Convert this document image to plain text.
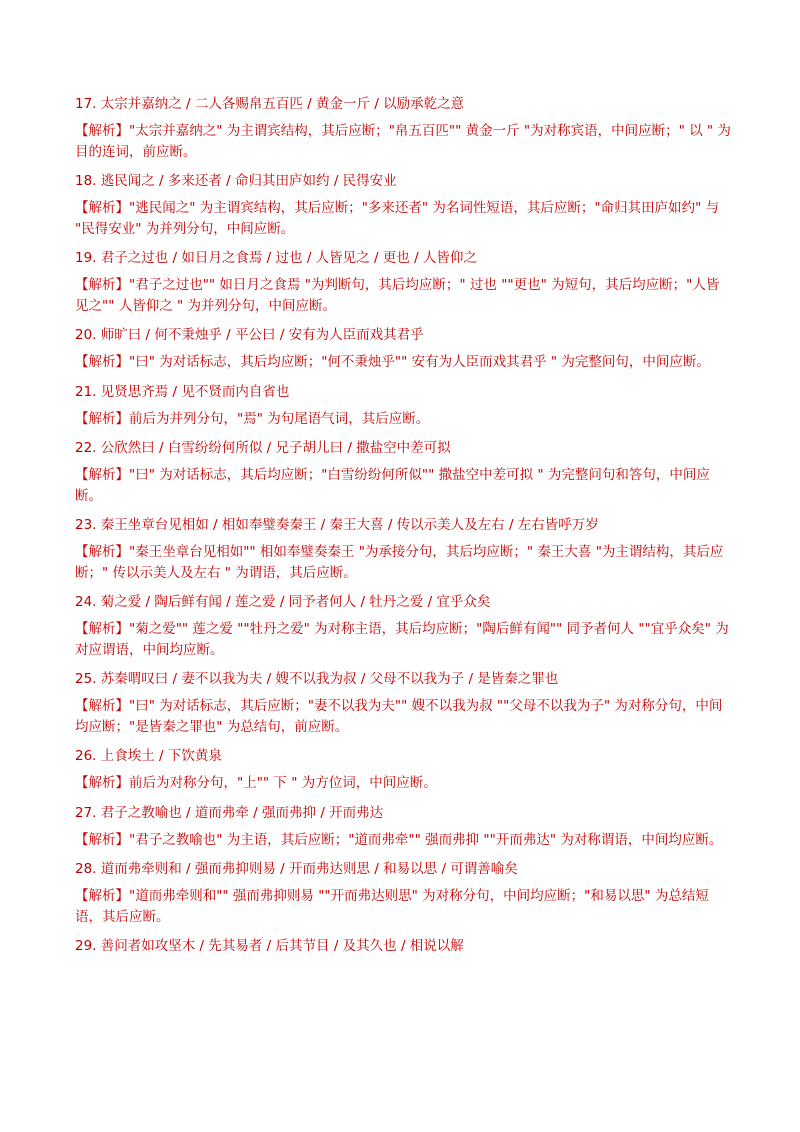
17. 太宗并嘉纳之 / 二人各赐帛五百匹 / 黄金一斤 / 以励承乾之意

【解析】"太宗并嘉纳之" 为主谓宾结构，其后应断；"帛五百匹"" 黄金一斤 "为对称宾语，中间应断；" 以 " 为目的连词，前应断。

18. 逃民闻之 / 多来还者 / 命归其田庐如约 / 民得安业

【解析】"逃民闻之" 为主谓宾结构，其后应断；"多来还者" 为名词性短语，其后应断；"命归其田庐如约" 与 "民得安业" 为并列分句，中间应断。

19. 君子之过也 / 如日月之食焉 / 过也 / 人皆见之 / 更也 / 人皆仰之

【解析】"君子之过也"" 如日月之食焉 "为判断句，其后均应断；" 过也 ""更也" 为短句，其后均应断；"人皆见之"" 人皆仰之 " 为并列分句，中间应断。

20. 师旷曰 / 何不秉烛乎 / 平公曰 / 安有为人臣而戏其君乎

【解析】"曰" 为对话标志，其后均应断；"何不秉烛乎"" 安有为人臣而戏其君乎 " 为完整问句，中间应断。

21. 见贤思齐焉 / 见不贤而内自省也

【解析】前后为并列分句，"焉" 为句尾语气词，其后应断。

22. 公欣然曰 / 白雪纷纷何所似 / 兄子胡儿曰 / 撒盐空中差可拟

【解析】"曰" 为对话标志，其后均应断；"白雪纷纷何所似"" 撒盐空中差可拟 " 为完整问句和答句，中间应断。

23. 秦王坐章台见相如 / 相如奉璧奏秦王 / 秦王大喜 / 传以示美人及左右 / 左右皆呼万岁

【解析】"秦王坐章台见相如"" 相如奉璧奏秦王 "为承接分句，其后均应断；" 秦王大喜 "为主谓结构，其后应断；" 传以示美人及左右 " 为谓语，其后应断。

24. 菊之爱 / 陶后鲜有闻 / 莲之爱 / 同予者何人 / 牡丹之爱 / 宜乎众矣

【解析】"菊之爱"" 莲之爱 ""牡丹之爱" 为对称主语，其后均应断；"陶后鲜有闻"" 同予者何人 ""宜乎众矣" 为对应谓语，中间均应断。

25. 苏秦喟叹曰 / 妻不以我为夫 / 嫂不以我为叔 / 父母不以我为子 / 是皆秦之罪也

【解析】"曰" 为对话标志，其后应断；"妻不以我为夫"" 嫂不以我为叔 ""父母不以我为子" 为对称分句，中间均应断；"是皆秦之罪也" 为总结句，前应断。

26. 上食埃土 / 下饮黄泉

【解析】前后为对称分句，"上"" 下 " 为方位词，中间应断。

27. 君子之教喻也 / 道而弗牵 / 强而弗抑 / 开而弗达

【解析】"君子之教喻也" 为主语，其后应断；"道而弗牵"" 强而弗抑 ""开而弗达" 为对称谓语，中间均应断。

28. 道而弗牵则和 / 强而弗抑则易 / 开而弗达则思 / 和易以思 / 可谓善喻矣

【解析】"道而弗牵则和"" 强而弗抑则易 ""开而弗达则思" 为对称分句，中间均应断；"和易以思" 为总结短语，其后应断。

29. 善问者如攻坚木 / 先其易者 / 后其节目 / 及其久也 / 相说以解
